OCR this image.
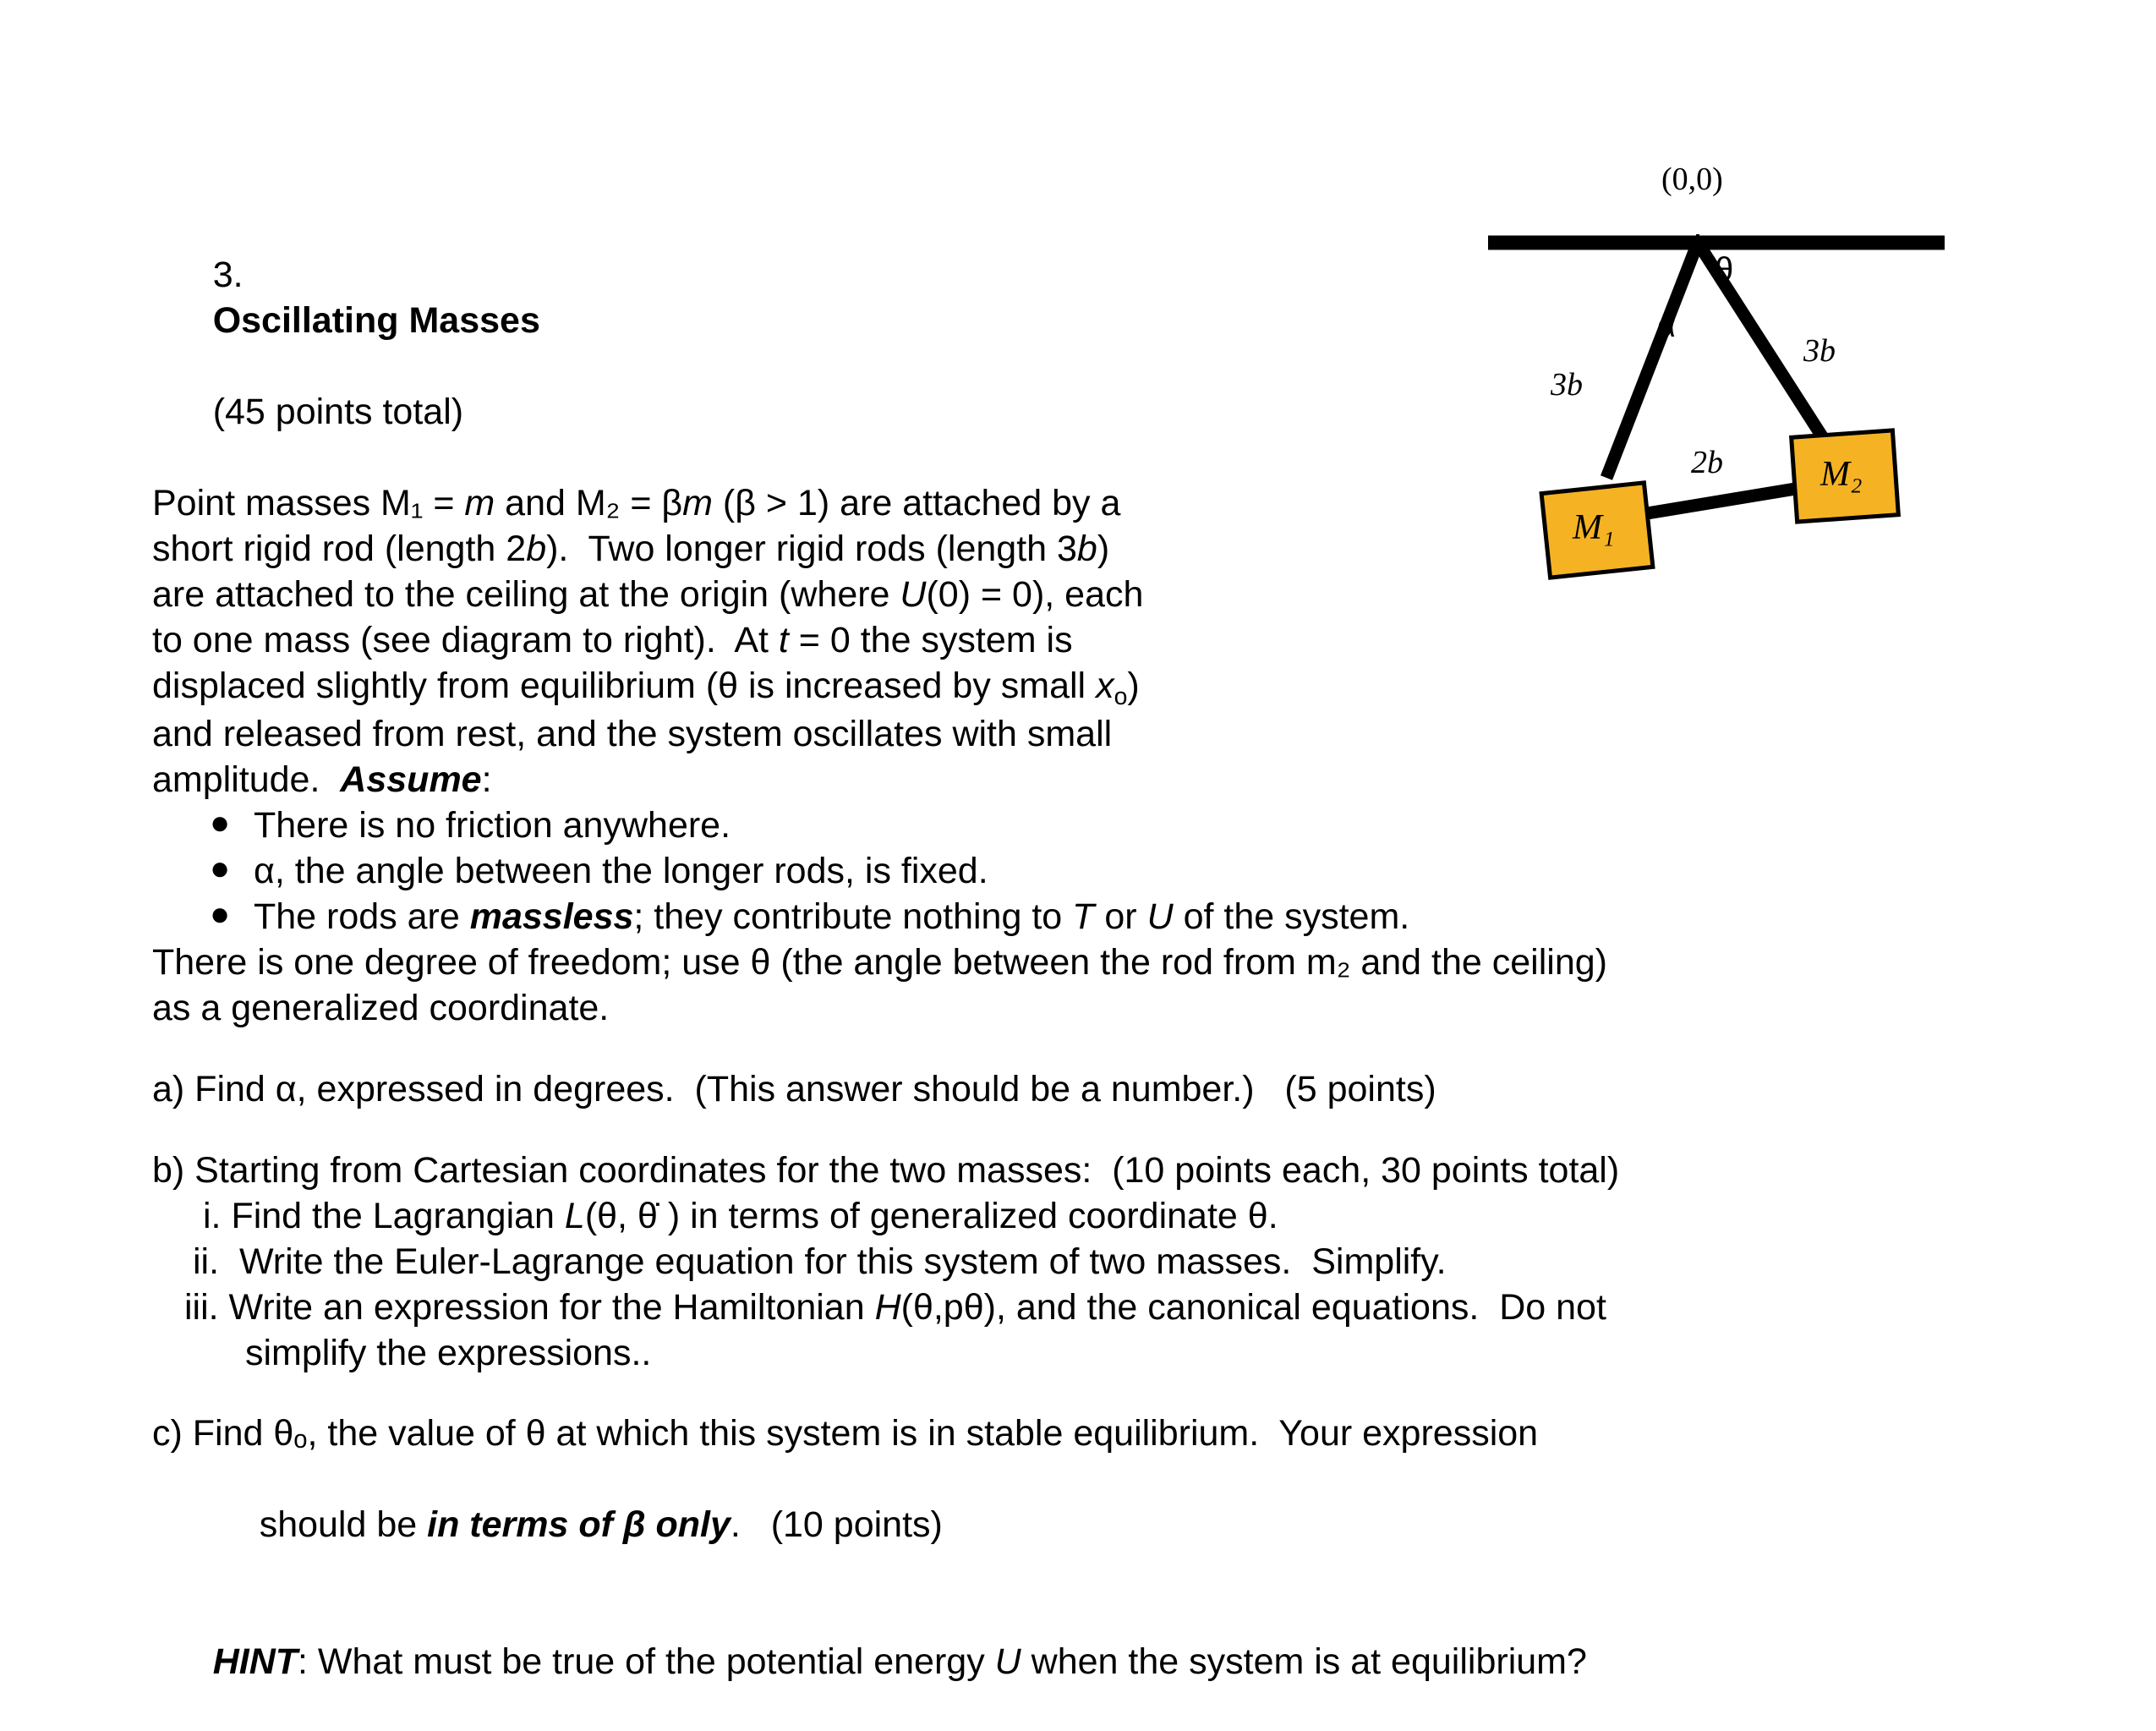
3.
Oscillating Masses

(45 points total)

Point masses M₁ = m and M₂ = βm (β > 1) are attached by a
short rigid rod (length 2b).  Two longer rigid rods (length 3b)
are attached to the ceiling at the origin (where U(0) = 0), each
to one mass (see diagram to right).  At t = 0 the system is
displaced slightly from equilibrium (θ is increased by small $x_o$)
and released from rest, and the system oscillates with small
amplitude.  Assume:
● There is no friction anywhere.
● α, the angle between the longer rods, is fixed.
● The rods are massless; they contribute nothing to T or U of the system.
There is one degree of freedom; use θ (the angle between the rod from m₂ and the ceiling)
as a generalized coordinate.
a) Find α, expressed in degrees.  (This answer should be a number.)   (5 points)
b) Starting from Cartesian coordinates for the two masses:  (10 points each, 30 points total)
i. Find the Lagrangian L(θ, θ̇ ) in terms of generalized coordinate θ.
ii.  Write the Euler-Lagrange equation for this system of two masses.  Simplify.
iii. Write an expression for the Hamiltonian H(θ,pθ), and the canonical equations.  Do not
simplify the expressions..
c) Find θₒ, the value of θ at which this system is in stable equilibrium.  Your expression

should be in terms of β only.   (10 points)

HINT: What must be true of the potential energy U when the system is at equilibrium?

(0,0)
θ
α
3b
3b
2b
M₁
M₂
